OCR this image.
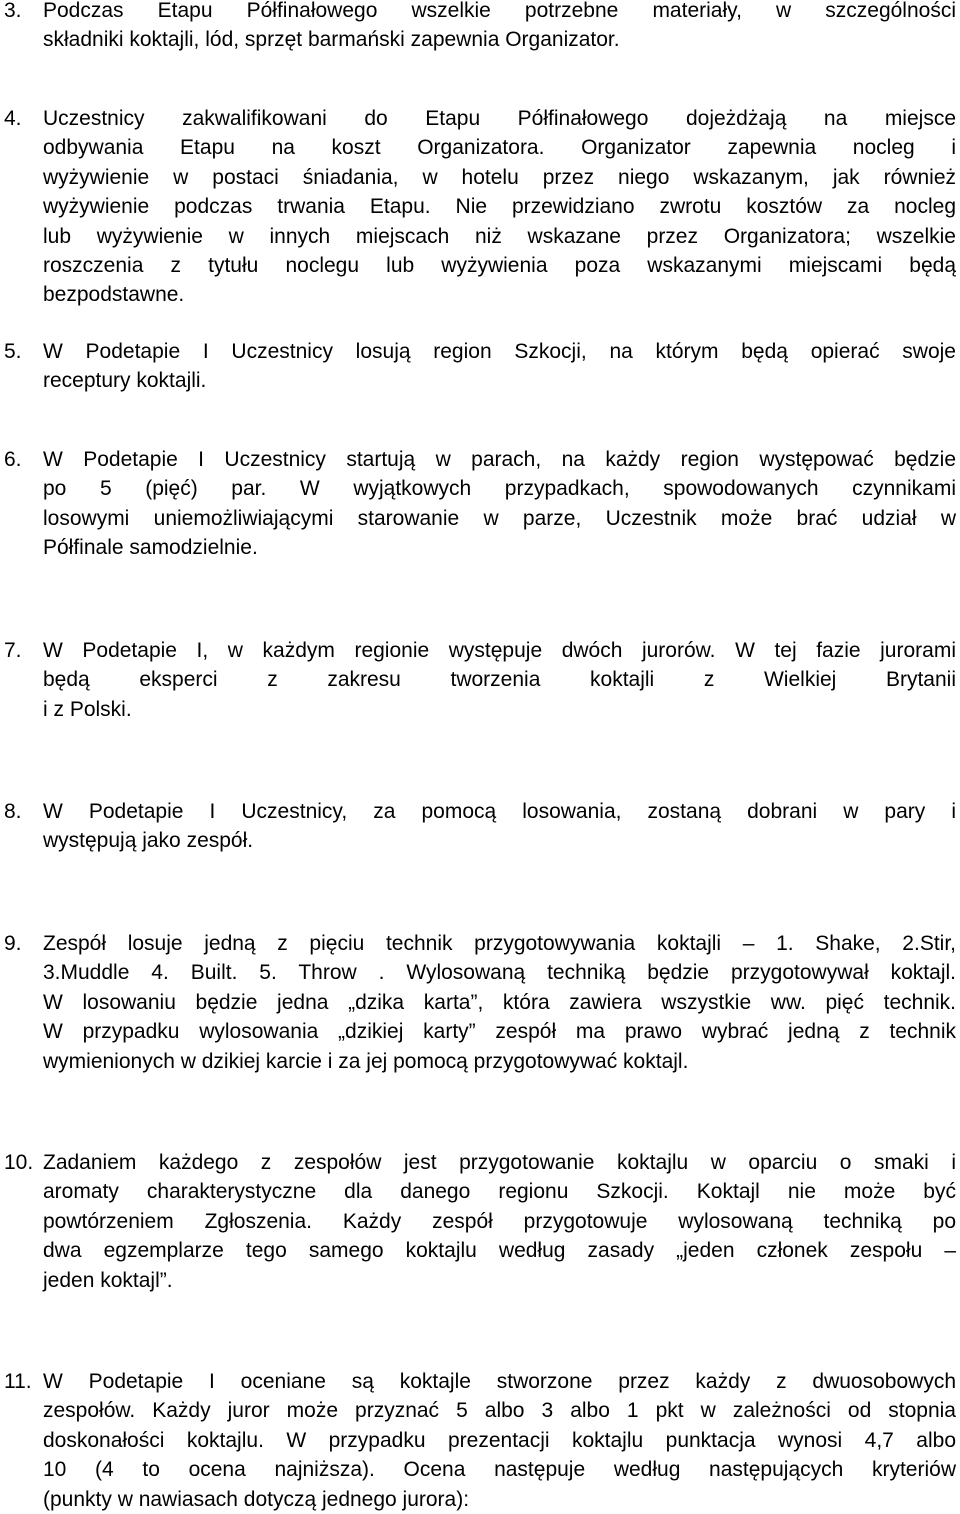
3. Podczas Etapu Półfinałowego wszelkie potrzebne materiały, w szczególności
składniki koktajli, lód, sprzęt barmański zapewnia Organizator.
4. Uczestnicy zakwalifikowani do Etapu Półfinałowego dojeżdżają na miejsce
odbywania Etapu na koszt Organizatora. Organizator zapewnia nocleg i
wyżywienie w postaci śniadania, w hotelu przez niego wskazanym, jak również
wyżywienie podczas trwania Etapu. Nie przewidziano zwrotu kosztów za nocleg
lub wyżywienie w innych miejscach niż wskazane przez Organizatora; wszelkie
roszczenia z tytułu noclegu lub wyżywienia poza wskazanymi miejscami będą
bezpodstawne.
5. W Podetapie I Uczestnicy losują region Szkocji, na którym będą opierać swoje
receptury koktajli.
6. W Podetapie I Uczestnicy startują w parach, na każdy region występować będzie
po 5 (pięć) par. W wyjątkowych przypadkach, spowodowanych czynnikami
losowymi uniemożliwiającymi starowanie w parze, Uczestnik może brać udział w
Półfinale samodzielnie.
7. W Podetapie I, w każdym regionie występuje dwóch jurorów. W tej fazie jurorami
będą eksperci z zakresu tworzenia koktajli z Wielkiej Brytanii
i z Polski.
8. W Podetapie I Uczestnicy, za pomocą losowania, zostaną dobrani w pary i
występują jako zespół.
9. Zespół losuje jedną z pięciu technik przygotowywania koktajli – 1. Shake, 2.Stir,
3.Muddle 4. Built. 5. Throw . Wylosowaną techniką będzie przygotowywał koktajl.
W losowaniu będzie jedna „dzika karta”, która zawiera wszystkie ww. pięć technik.
W przypadku wylosowania „dzikiej karty” zespół ma prawo wybrać jedną z technik
wymienionych w dzikiej karcie i za jej pomocą przygotowywać koktajl.
10. Zadaniem każdego z zespołów jest przygotowanie koktajlu w oparciu o smaki i
aromaty charakterystyczne dla danego regionu Szkocji. Koktajl nie może być
powtórzeniem Zgłoszenia. Każdy zespół przygotowuje wylosowaną techniką po
dwa egzemplarze tego samego koktajlu według zasady „jeden członek zespołu –
jeden koktajl”.
11. W Podetapie I oceniane są koktajle stworzone przez każdy z dwuosobowych
zespołów. Każdy juror może przyznać 5 albo 3 albo 1 pkt w zależności od stopnia
doskonałości koktajlu. W przypadku prezentacji koktajlu punktacja wynosi 4,7 albo
10 (4 to ocena najniższa). Ocena następuje według następujących kryteriów
(punkty w nawiasach dotyczą jednego jurora):
